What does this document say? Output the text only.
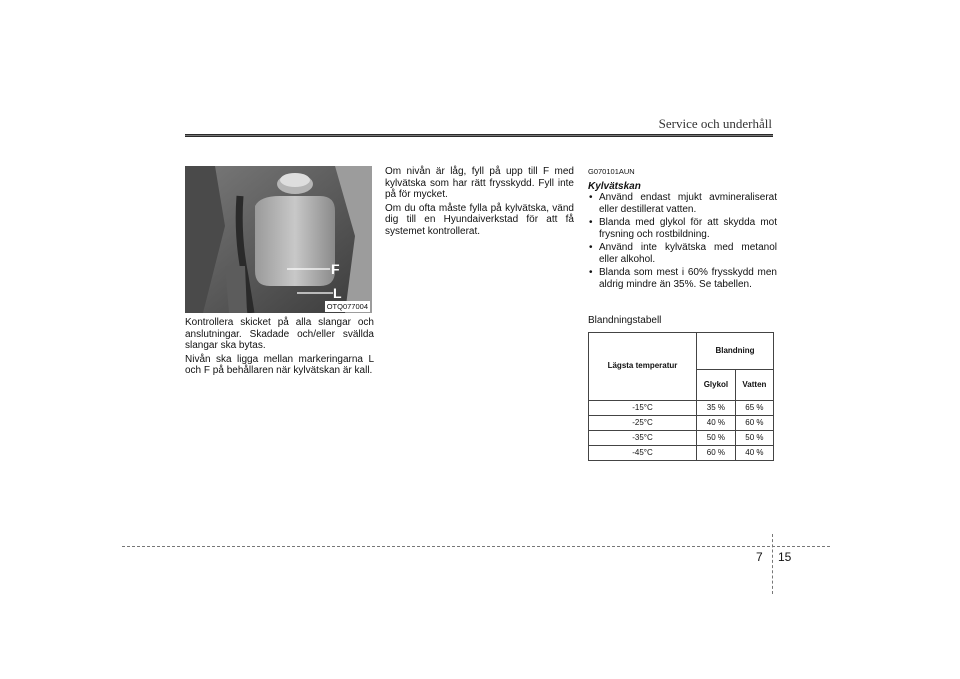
Service och underhåll
F
L
OTQ077004

Kontrollera skicket på alla slangar och anslutningar. Skadade och/eller svällda slangar ska bytas.

Nivån ska ligga mellan markeringarna L och F på behållaren när kylvätskan är kall.

Om nivån är låg, fyll på upp till F med kylvätska som har rätt frysskydd. Fyll inte på för mycket.

Om du ofta måste fylla på kylvätska, vänd dig till en Hyundaiverkstad för att få systemet kontrollerat.

G070101AUN
Kylvätskan
• Använd endast mjukt avmineraliserat eller destillerat vatten.
• Blanda med glykol för att skydda mot frysning och rostbildning.
• Använd inte kylvätska med metanol eller alkohol.
• Blanda som mest i 60% frysskydd men aldrig mindre än 35%. Se tabellen.
Blandningstabell
Lägsta temperatur	Blandning	
	Glykol	Vatten
-15°C	35 %	65 %
-25°C	40 %	60 %
-35°C	50 %	50 %
-45°C	60 %	40 %
7 15
